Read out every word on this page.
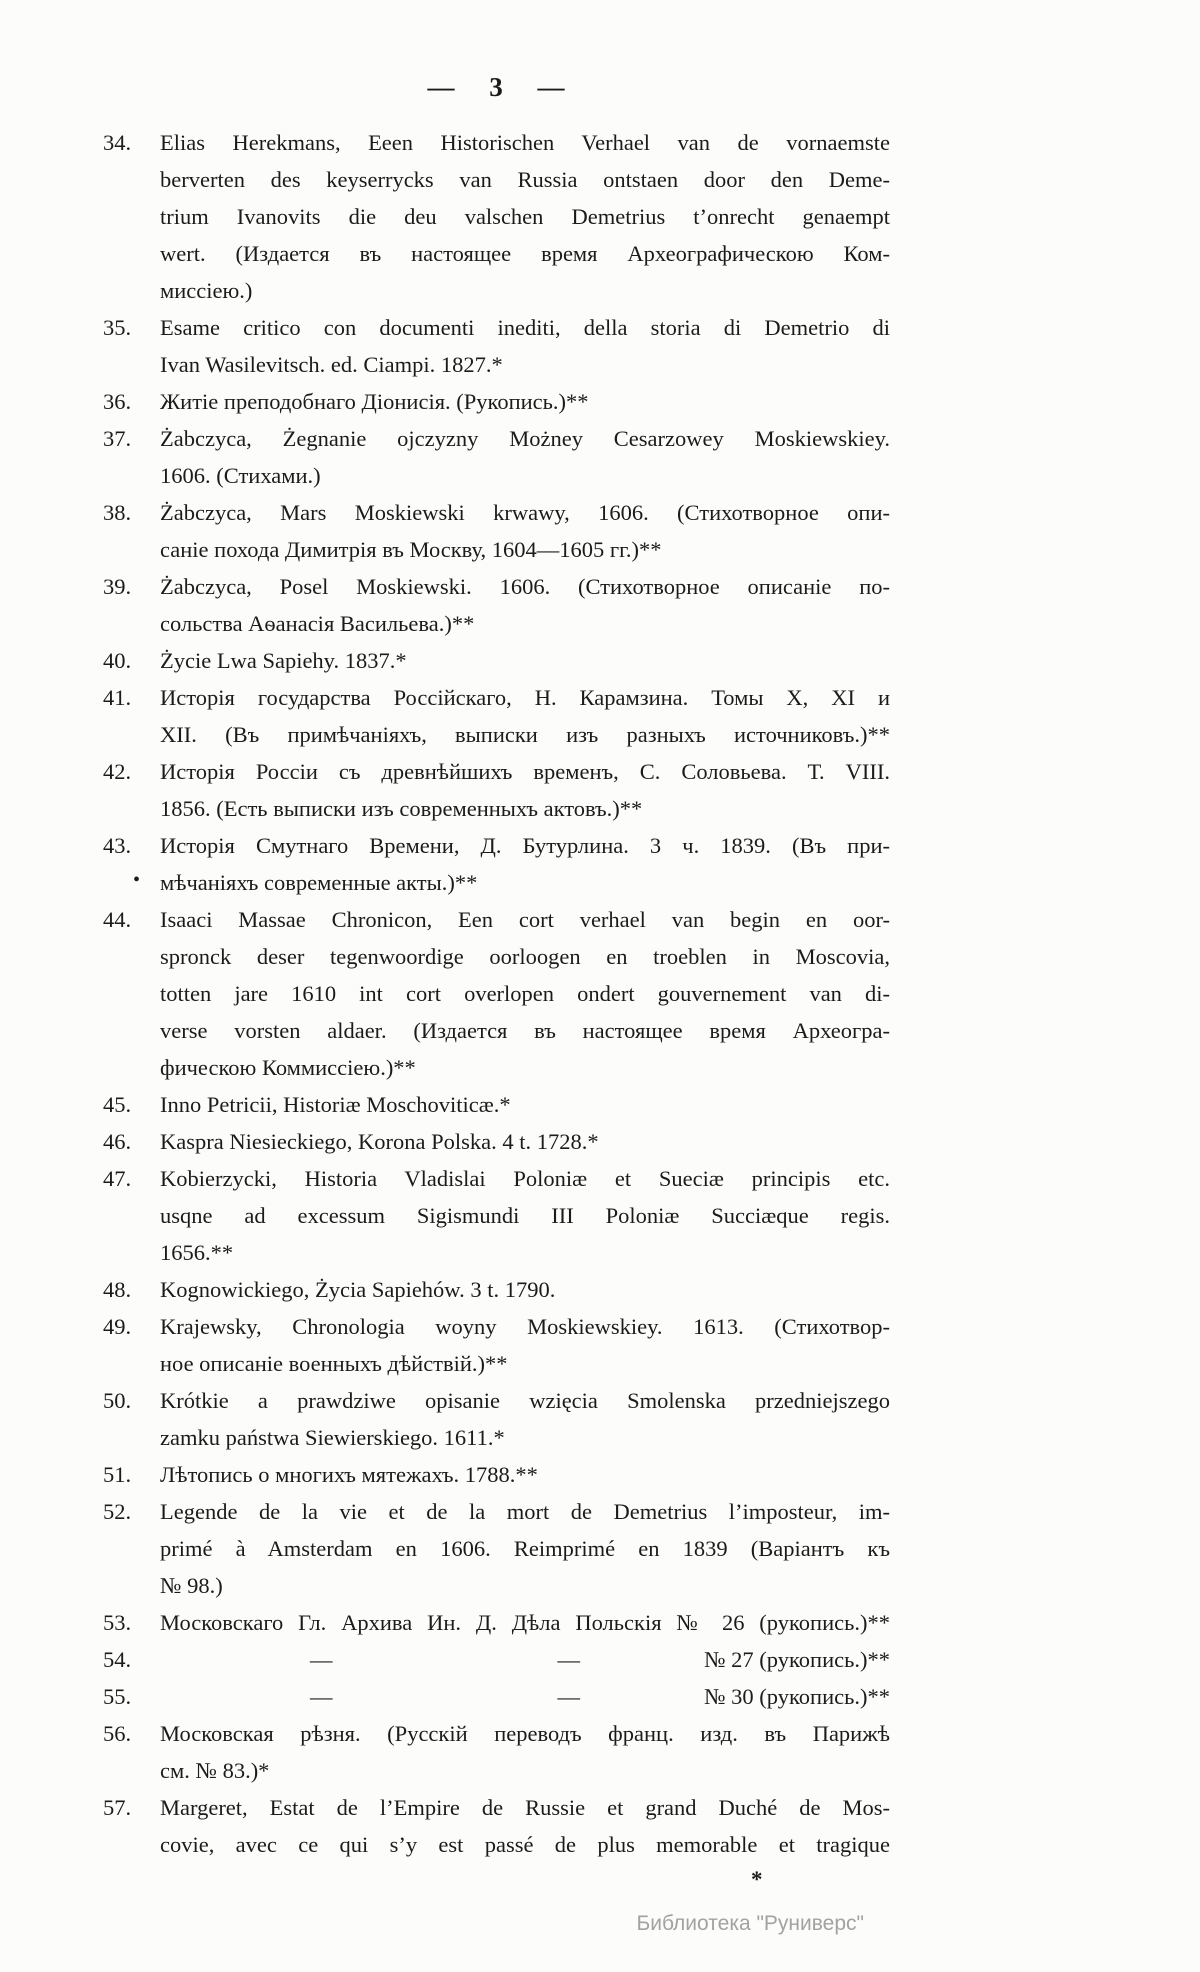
— 3 —
34. Elias Herekmans, Eeen Historischen Verhael van de vornaemste
berverten des keyserrycks van Russia ontstaen door den Deme-
trium Ivanovits die deu valschen Demetrius t’onrecht genaempt
wert. (Издается въ настоящее время Археографическою Ком-
миссіею.)
35. Esame critico con documenti inediti, della storia di Demetrio di
Ivan Wasilevitsch. ed. Ciampi. 1827.*
36. Житіе преподобнаго Діонисія. (Рукопись.)**
37. Żabczyca, Żegnanie ojczyzny Możney Cesarzowey Moskiewskiey.
1606. (Стихами.)
38. Żabczyca, Mars Moskiewski krwawy, 1606. (Стихотворное опи-
саніе похода Димитрія въ Москву, 1604—1605 гг.)**
39. Żabczyca, Posel Moskiewski. 1606. (Стихотворное описаніе по-
сольства Аѳанасія Васильева.)**
40. Życie Lwa Sapiehy. 1837.*
41. Исторія государства Россійскаго, Н. Карамзина. Томы X, XI и
XII. (Въ примѣчаніяхъ, выписки изъ разныхъ источниковъ.)**
42. Исторія Россіи съ древнѣйшихъ временъ, С. Соловьева. Т. VIII.
1856. (Есть выписки изъ современныхъ актовъ.)**
43.
•
Исторія Смутнаго Времени, Д. Бутурлина. 3 ч. 1839. (Въ при-
мѣчаніяхъ современные акты.)**
44. Isaaci Massae Chronicon, Een cort verhael van begin en oor-
spronck deser tegenwoordige oorloogen en troeblen in Moscovia,
totten jare 1610 int cort overlopen ondert gouvernement van di-
verse vorsten aldaer. (Издается въ настоящее время Археогра-
фическою Коммиссіею.)**
45. Inno Petricii, Historiæ Moschoviticæ.*
46. Kaspra Niesieckiego, Korona Polska. 4 t. 1728.*
47. Kobierzycki, Historia Vladislai Poloniæ et Sueciæ principis etc.
usqne ad excessum Sigismundi III Poloniæ Succiæque regis.
1656.**
48. Kognowickiego, Życia Sapiehów. 3 t. 1790.
49. Krajewsky, Chronologia woyny Moskiewskiey. 1613. (Стихотвор-
ное описаніе военныхъ дѣйствій.)**
50. Krótkie a prawdziwe opisanie wzięcia Smolenska przedniejszego
zamku państwa Siewierskiego. 1611.*
51. Лѣтопись о многихъ мятежахъ. 1788.**
52. Legende de la vie et de la mort de Demetrius l’imposteur, im-
primé à Amsterdam en 1606. Reimprimé en 1839 (Варіантъ къ
№ 98.)
53. Московскаго Гл. Архива Ин. Д. Дѣла Польскія № 26 (рукопись.)**
54.	—	—	№ 27 (рукопись.)**
55.	—	—	№ 30 (рукопись.)**
56. Московская рѣзня. (Русскій переводъ франц. изд. въ Парижѣ
см. № 83.)*
57. Margeret, Estat de l’Empire de Russie et grand Duché de Mos-
covie, avec ce qui s’y est passé de plus memorable et tragique
*
Библиотека "Руниверс"
